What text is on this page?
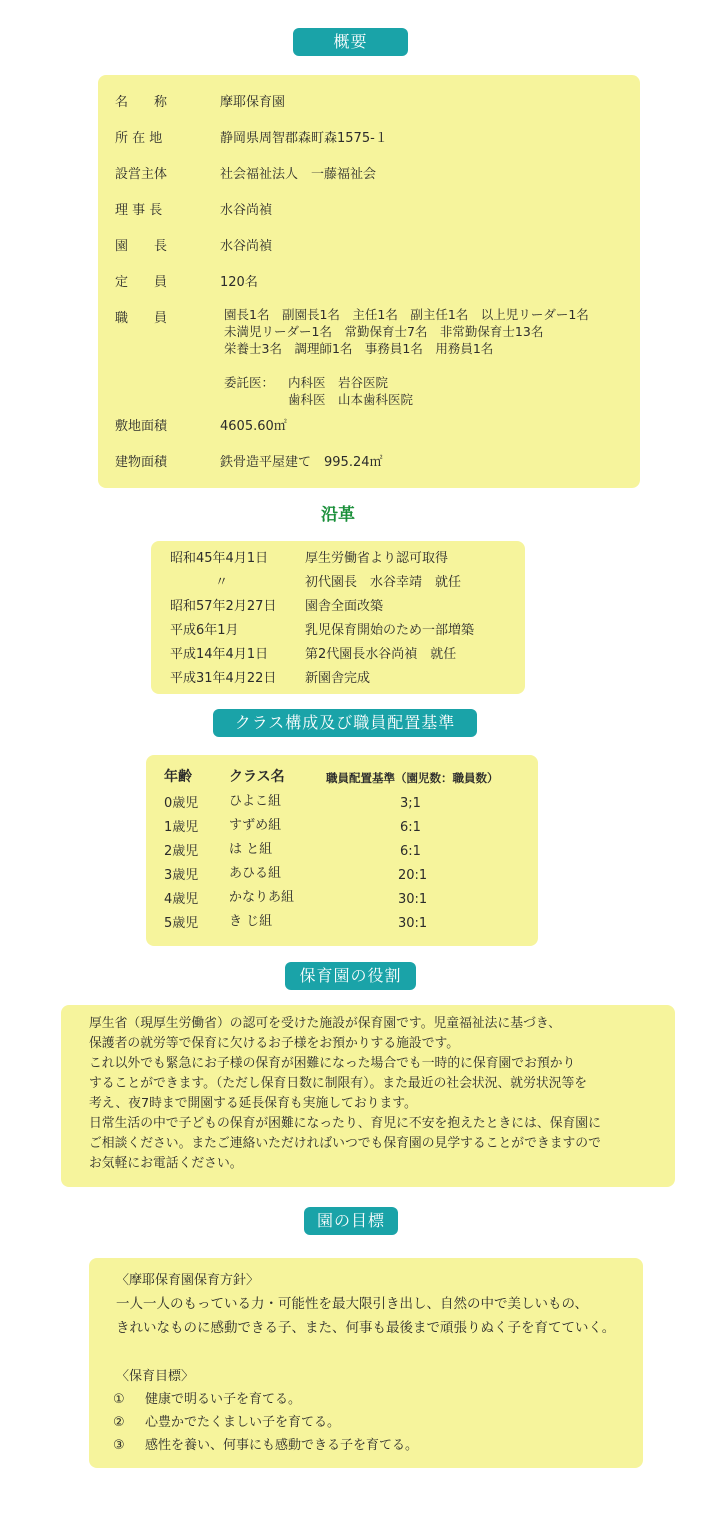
概要
名　　称	摩耶保育園
所 在 地	静岡県周智郡森町森1575-１
設営主体	社会福祉法人　一藤福祉会
理 事 長	水谷尚禎
園　　長	水谷尚禎
定　　員	120名
職　　員	園長1名　副園長1名　主任1名　副主任1名　以上児リーダー1名
未満児リーダー1名　常勤保育士7名　非常勤保育士13名
栄養士3名　調理師1名　事務員1名　用務員1名
委託医： 内科医　岩谷医院
歯科医　山本歯科医院
敷地面積	4605.60㎡
建物面積	鉄骨造平屋建て　995.24㎡
沿革
昭和45年4月1日	厚生労働省より認可取得
〃	初代園長　水谷幸靖　就任
昭和57年2月27日 園舎全面改築
平成6年1月	乳児保育開始のため一部増築
平成14年4月1日	第2代園長水谷尚禎　就任
平成31年4月22日 新園舎完成
クラス構成及び職員配置基準
年齢	クラス名	職員配置基準（園児数：職員数）
0歳児 ひよこ組	3;1
1歳児 すずめ組	6:1
2歳児 は と組	6:1
3歳児 あひる組	20:1
4歳児 かなりあ組	30:1
5歳児 き じ組	30:1
保育園の役割
厚生省（現厚生労働省）の認可を受けた施設が保育園です。児童福祉法に基づき、
保護者の就労等で保育に欠けるお子様をお預かりする施設です。
これ以外でも緊急にお子様の保育が困難になった場合でも一時的に保育園でお預かり
することができます。（ただし保育日数に制限有）。また最近の社会状況、就労状況等を
考え、夜7時まで開園する延長保育も実施しております。
日常生活の中で子どもの保育が困難になったり、育児に不安を抱えたときには、保育園に
ご相談ください。またご連絡いただければいつでも保育園の見学することができますので
お気軽にお電話ください。
園の目標
〈摩耶保育園保育方針〉
一人一人のもっている力・可能性を最大限引き出し、自然の中で美しいもの、
きれいなものに感動できる子、また、何事も最後まで頑張りぬく子を育てていく。
〈保育目標〉
① 健康で明るい子を育てる。
② 心豊かでたくましい子を育てる。
③ 感性を養い、何事にも感動できる子を育てる。
